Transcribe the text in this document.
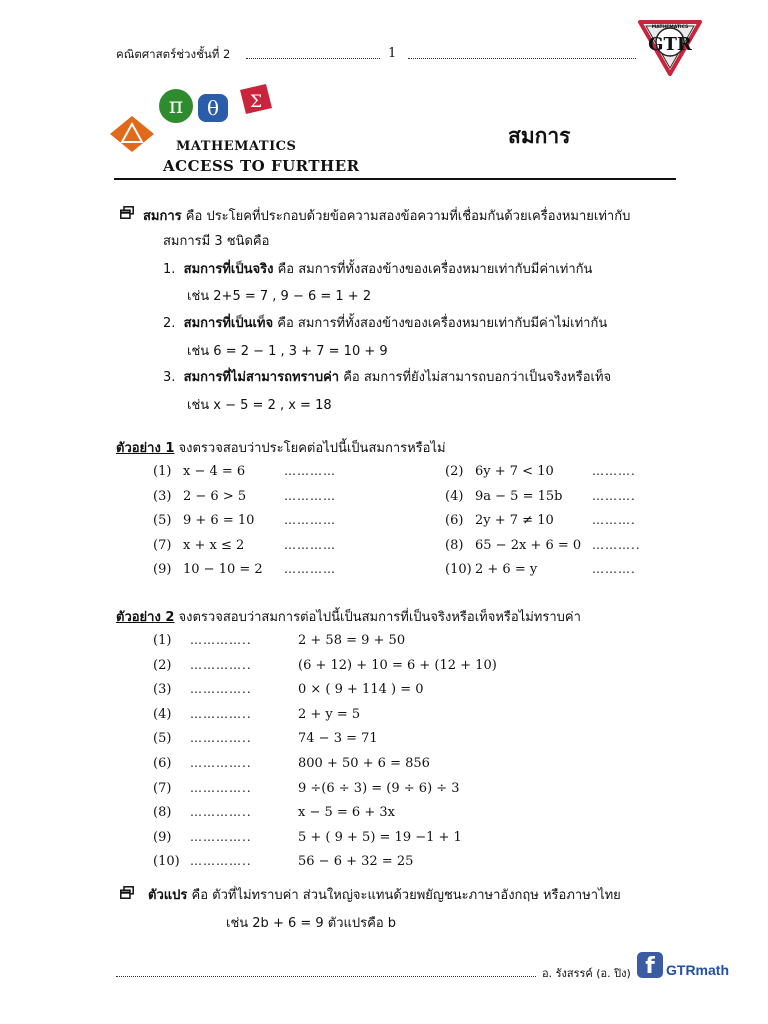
คณิตศาสตร์ช่วงชั้นที่ 2	1
MATHEMATICS
GTR
π θ Σ
MATHEMATICS
ACCESS TO FURTHER
สมการ
สมการ คือ ประโยคที่ประกอบด้วยข้อความสองข้อความที่เชื่อมกันด้วยเครื่องหมายเท่ากับ
สมการมี 3 ชนิดคือ
1. สมการที่เป็นจริง คือ สมการที่ทั้งสองข้างของเครื่องหมายเท่ากับมีค่าเท่ากัน
เช่น 2+5 = 7 , 9 − 6 = 1 + 2
2. สมการที่เป็นเท็จ คือ สมการที่ทั้งสองข้างของเครื่องหมายเท่ากับมีค่าไม่เท่ากัน
เช่น 6 = 2 − 1 , 3 + 7 = 10 + 9
3. สมการที่ไม่สามารถทราบค่า คือ สมการที่ยังไม่สามารถบอกว่าเป็นจริงหรือเท็จ
เช่น x − 5 = 2 , x = 18
ตัวอย่าง 1 จงตรวจสอบว่าประโยคต่อไปนี้เป็นสมการหรือไม่
(1) x − 4 = 6	…………	(2) 6y + 7 < 10	……….
(3) 2 − 6 > 5	…………	(4) 9a − 5 = 15b ……….
(5) 9 + 6 = 10 …………	(6) 2y + 7 ≠ 10	……….
(7) x + x ≤ 2	…………	(8) 65 − 2x + 6 = 0 ………..
(9) 10 − 10 = 2 …………	(10) 2 + 6 = y	……….
ตัวอย่าง 2 จงตรวจสอบว่าสมการต่อไปนี้เป็นสมการที่เป็นจริงหรือเท็จหรือไม่ทราบค่า
(1) …………..	2 + 58 = 9 + 50
(2) …………..	(6 + 12) + 10 = 6 + (12 + 10)
(3) …………..	0 × ( 9 + 114 ) = 0
(4) …………..	2 + y = 5
(5) …………..	74 − 3 = 71
(6) …………..	800 + 50 + 6 = 856
(7) …………..	9 ÷(6 ÷ 3) = (9 ÷ 6) ÷ 3
(8) …………..	x − 5 = 6 + 3x
(9) …………..	5 + ( 9 + 5) = 19 −1 + 1
(10) …………..	56 − 6 + 32 = 25
ตัวแปร คือ ตัวที่ไม่ทราบค่า ส่วนใหญ่จะแทนด้วยพยัญชนะภาษาอังกฤษ หรือภาษาไทย
เช่น 2b + 6 = 9 ตัวแปรคือ b
อ. รังสรรค์ (อ. ปิง) f GTRmath
